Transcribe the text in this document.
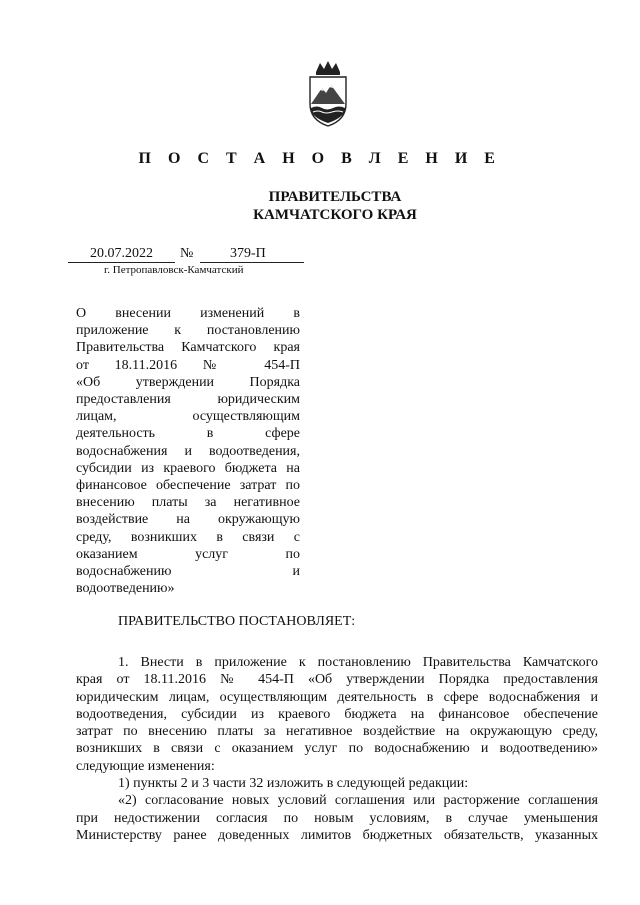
П О С Т А Н О В Л Е Н И Е
ПРАВИТЕЛЬСТВА
КАМЧАТСКОГО КРАЯ
20.07.2022 №	379-П
г. Петропавловск-Камчатский
О внесении изменений в
приложение к постановлению
Правительства Камчатского края
от 18.11.2016 № 454-П
«Об утверждении Порядка
предоставления юридическим
лицам, осуществляющим
деятельность в сфере
водоснабжения и водоотведения,
субсидии из краевого бюджета на
финансовое обеспечение затрат по
внесению платы за негативное
воздействие на окружающую
среду, возникших в связи с
оказанием услуг по
водоснабжению и
водоотведению»
ПРАВИТЕЛЬСТВО ПОСТАНОВЛЯЕТ:
1. Внести в приложение к постановлению Правительства Камчатского
края от 18.11.2016 № 454-П «Об утверждении Порядка предоставления
юридическим лицам, осуществляющим деятельность в сфере водоснабжения и
водоотведения, субсидии из краевого бюджета на финансовое обеспечение
затрат по внесению платы за негативное воздействие на окружающую среду,
возникших в связи с оказанием услуг по водоснабжению и водоотведению»
следующие изменения:
1) пункты 2 и 3 части 32 изложить в следующей редакции:
«2) согласование новых условий соглашения или расторжение соглашения
при недостижении согласия по новым условиям, в случае уменьшения
Министерству ранее доведенных лимитов бюджетных обязательств, указанных
